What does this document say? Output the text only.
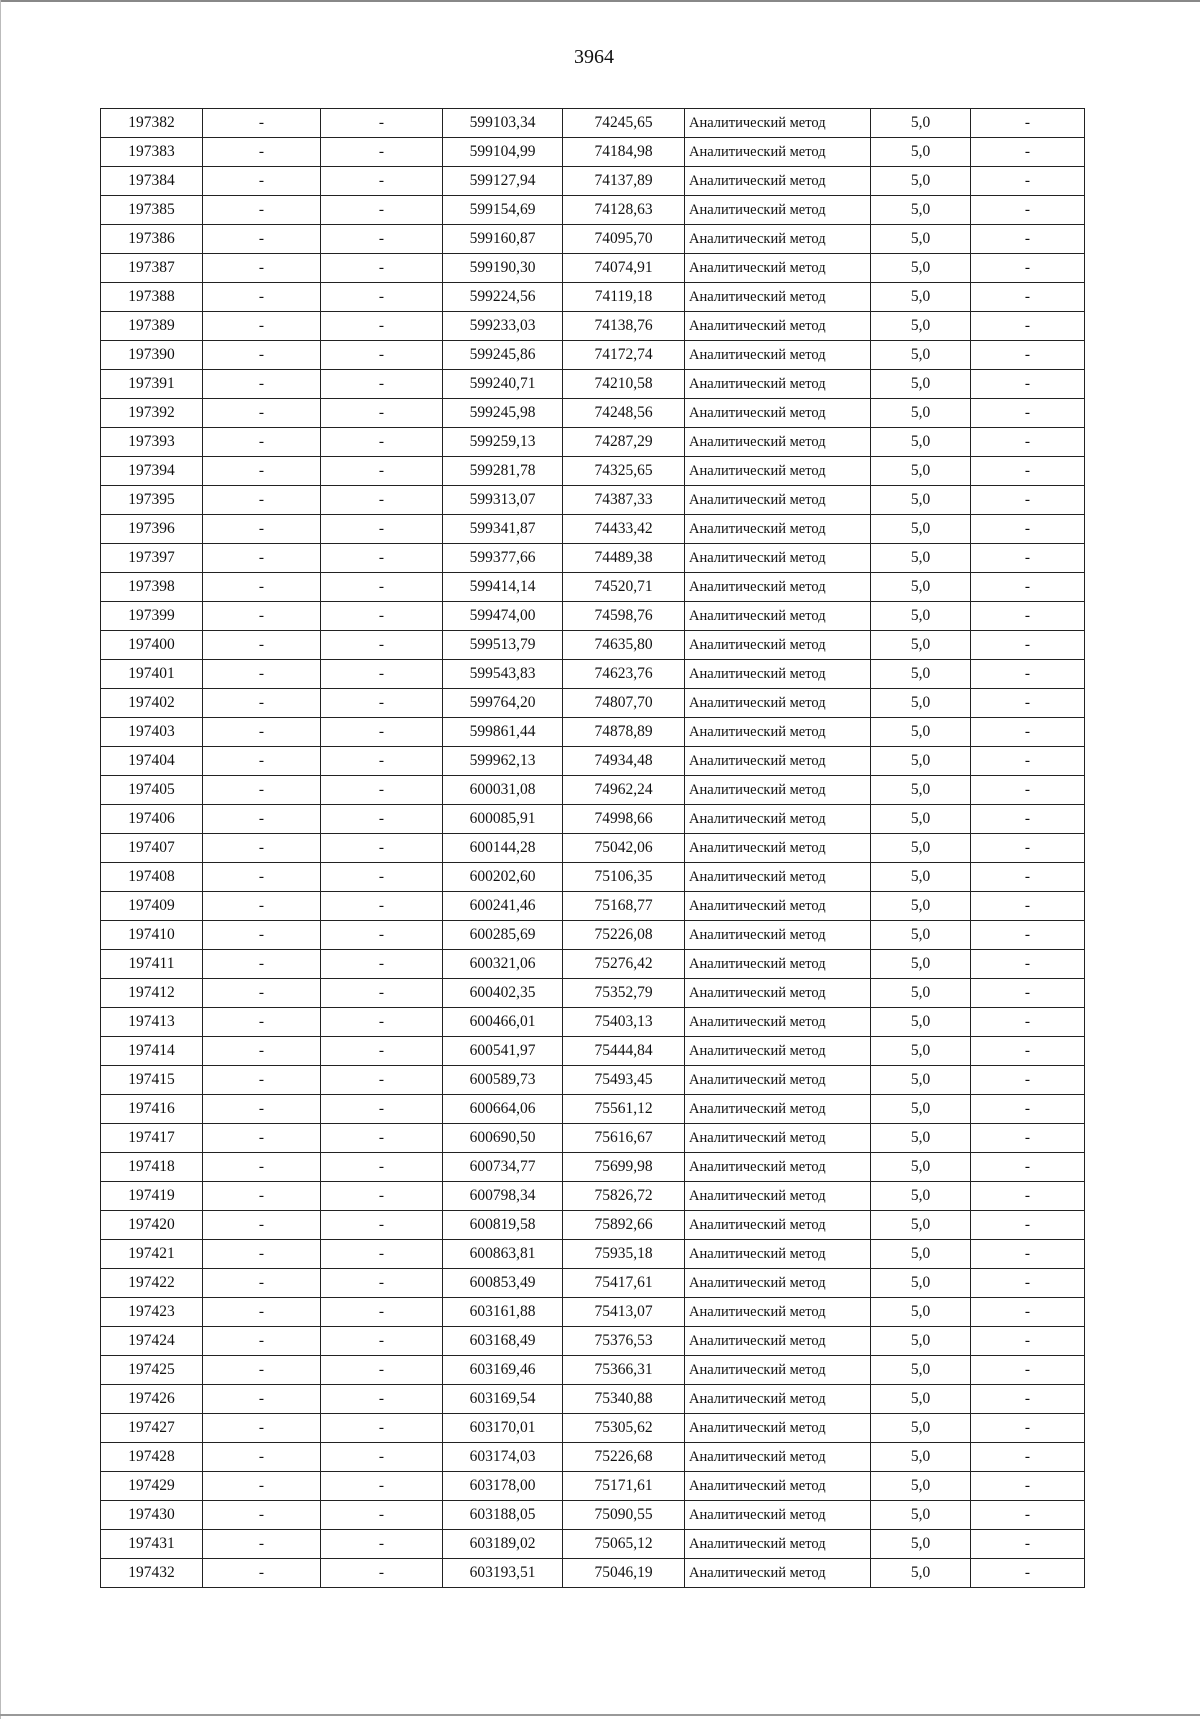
3964
197382	-	-	599103,34	74245,65	Аналитический метод	5,0	-
197383	-	-	599104,99	74184,98	Аналитический метод	5,0	-
197384	-	-	599127,94	74137,89	Аналитический метод	5,0	-
197385	-	-	599154,69	74128,63	Аналитический метод	5,0	-
197386	-	-	599160,87	74095,70	Аналитический метод	5,0	-
197387	-	-	599190,30	74074,91	Аналитический метод	5,0	-
197388	-	-	599224,56	74119,18	Аналитический метод	5,0	-
197389	-	-	599233,03	74138,76	Аналитический метод	5,0	-
197390	-	-	599245,86	74172,74	Аналитический метод	5,0	-
197391	-	-	599240,71	74210,58	Аналитический метод	5,0	-
197392	-	-	599245,98	74248,56	Аналитический метод	5,0	-
197393	-	-	599259,13	74287,29	Аналитический метод	5,0	-
197394	-	-	599281,78	74325,65	Аналитический метод	5,0	-
197395	-	-	599313,07	74387,33	Аналитический метод	5,0	-
197396	-	-	599341,87	74433,42	Аналитический метод	5,0	-
197397	-	-	599377,66	74489,38	Аналитический метод	5,0	-
197398	-	-	599414,14	74520,71	Аналитический метод	5,0	-
197399	-	-	599474,00	74598,76	Аналитический метод	5,0	-
197400	-	-	599513,79	74635,80	Аналитический метод	5,0	-
197401	-	-	599543,83	74623,76	Аналитический метод	5,0	-
197402	-	-	599764,20	74807,70	Аналитический метод	5,0	-
197403	-	-	599861,44	74878,89	Аналитический метод	5,0	-
197404	-	-	599962,13	74934,48	Аналитический метод	5,0	-
197405	-	-	600031,08	74962,24	Аналитический метод	5,0	-
197406	-	-	600085,91	74998,66	Аналитический метод	5,0	-
197407	-	-	600144,28	75042,06	Аналитический метод	5,0	-
197408	-	-	600202,60	75106,35	Аналитический метод	5,0	-
197409	-	-	600241,46	75168,77	Аналитический метод	5,0	-
197410	-	-	600285,69	75226,08	Аналитический метод	5,0	-
197411	-	-	600321,06	75276,42	Аналитический метод	5,0	-
197412	-	-	600402,35	75352,79	Аналитический метод	5,0	-
197413	-	-	600466,01	75403,13	Аналитический метод	5,0	-
197414	-	-	600541,97	75444,84	Аналитический метод	5,0	-
197415	-	-	600589,73	75493,45	Аналитический метод	5,0	-
197416	-	-	600664,06	75561,12	Аналитический метод	5,0	-
197417	-	-	600690,50	75616,67	Аналитический метод	5,0	-
197418	-	-	600734,77	75699,98	Аналитический метод	5,0	-
197419	-	-	600798,34	75826,72	Аналитический метод	5,0	-
197420	-	-	600819,58	75892,66	Аналитический метод	5,0	-
197421	-	-	600863,81	75935,18	Аналитический метод	5,0	-
197422	-	-	600853,49	75417,61	Аналитический метод	5,0	-
197423	-	-	603161,88	75413,07	Аналитический метод	5,0	-
197424	-	-	603168,49	75376,53	Аналитический метод	5,0	-
197425	-	-	603169,46	75366,31	Аналитический метод	5,0	-
197426	-	-	603169,54	75340,88	Аналитический метод	5,0	-
197427	-	-	603170,01	75305,62	Аналитический метод	5,0	-
197428	-	-	603174,03	75226,68	Аналитический метод	5,0	-
197429	-	-	603178,00	75171,61	Аналитический метод	5,0	-
197430	-	-	603188,05	75090,55	Аналитический метод	5,0	-
197431	-	-	603189,02	75065,12	Аналитический метод	5,0	-
197432	-	-	603193,51	75046,19	Аналитический метод	5,0	-
